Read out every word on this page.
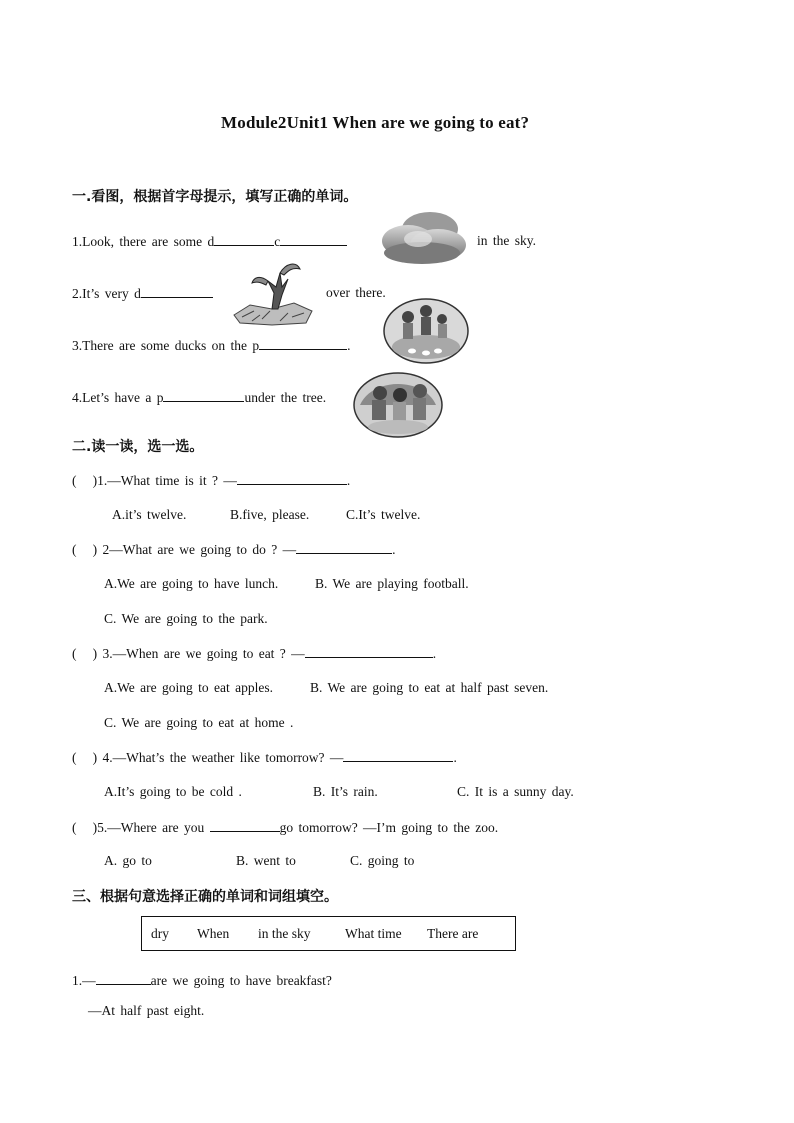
Module2Unit1 When are we going to eat?
一.看图，根据首字母提示，填写正确的单词。
1.Look, there are some d	c	in the sky.
2.It’s very d	over there.
3.There are some ducks on the p	.
4.Let’s have a p	under the tree.
二.读一读，选一选。
(   )1.—What time is it ? —	.
A.it’s twelve.	B.five, please.	C.It’s twelve.
(   ) 2—What are we going to do ? —	.
A.We are going to have lunch.	B. We are playing football.
C. We are going to the park.
(   ) 3.—When are we going to eat ? —	.
A.We are going to eat apples.	B. We are going to eat at half past seven.
C. We are going to eat at home .
(   ) 4.—What’s the weather like tomorrow? —	.
A.It’s going to be cold .	B. It’s rain.	C. It is a sunny day.
(   )5.—Where are you	go tomorrow? —I’m going to the zoo.
A. go to	B. went to	C. going to
三、根据句意选择正确的单词和词组填空。
dry When in the sky	What time There are
1.—	are we going to have breakfast?
—At half past eight.
